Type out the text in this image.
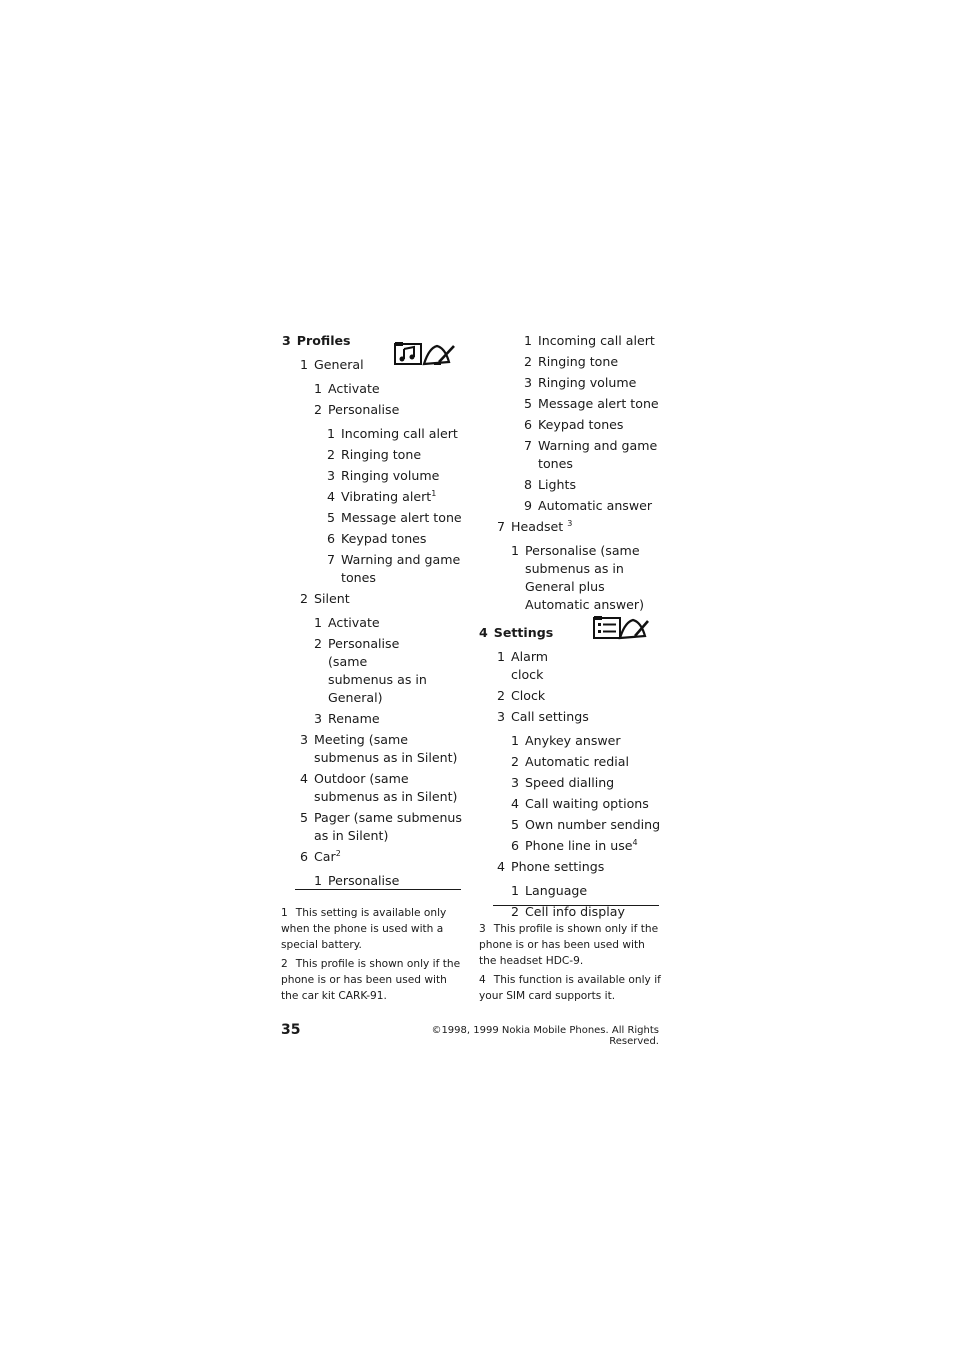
3 Profiles
1 General
1 Activate
2 Personalise
1 Incoming call alert
2 Ringing tone
3 Ringing volume
4 Vibrating alert$^1$
5 Message alert tone
6 Keypad tones
7 Warning and game tones
2 Silent
1 Activate
2 Personalise (same submenus as in General)
3 Rename
3 Meeting (same submenus as in Silent)
4 Outdoor (same submenus as in Silent)
5 Pager (same submenus as in Silent)
6 Car$^2$
1 Personalise
1 Incoming call alert
2 Ringing tone
3 Ringing volume
5 Message alert tone
6 Keypad tones
7 Warning and game tones
8 Lights
9 Automatic answer
7 Headset $^3$
1 Personalise (same submenus as in General plus Automatic answer)
4 Settings
1 Alarm clock
2 Clock
3 Call settings
1 Anykey answer
2 Automatic redial
3 Speed dialling
4 Call waiting options
5 Own number sending
6 Phone line in use$^4$
4 Phone settings
1 Language
2 Cell info display
1 This setting is available only when the phone is used with a special battery.
2 This profile is shown only if the phone is or has been used with the car kit CARK-91.
3 This profile is shown only if the phone is or has been used with the headset HDC-9.
4 This function is available only if your SIM card supports it.
35	©1998, 1999 Nokia Mobile Phones. All Rights Reserved.
